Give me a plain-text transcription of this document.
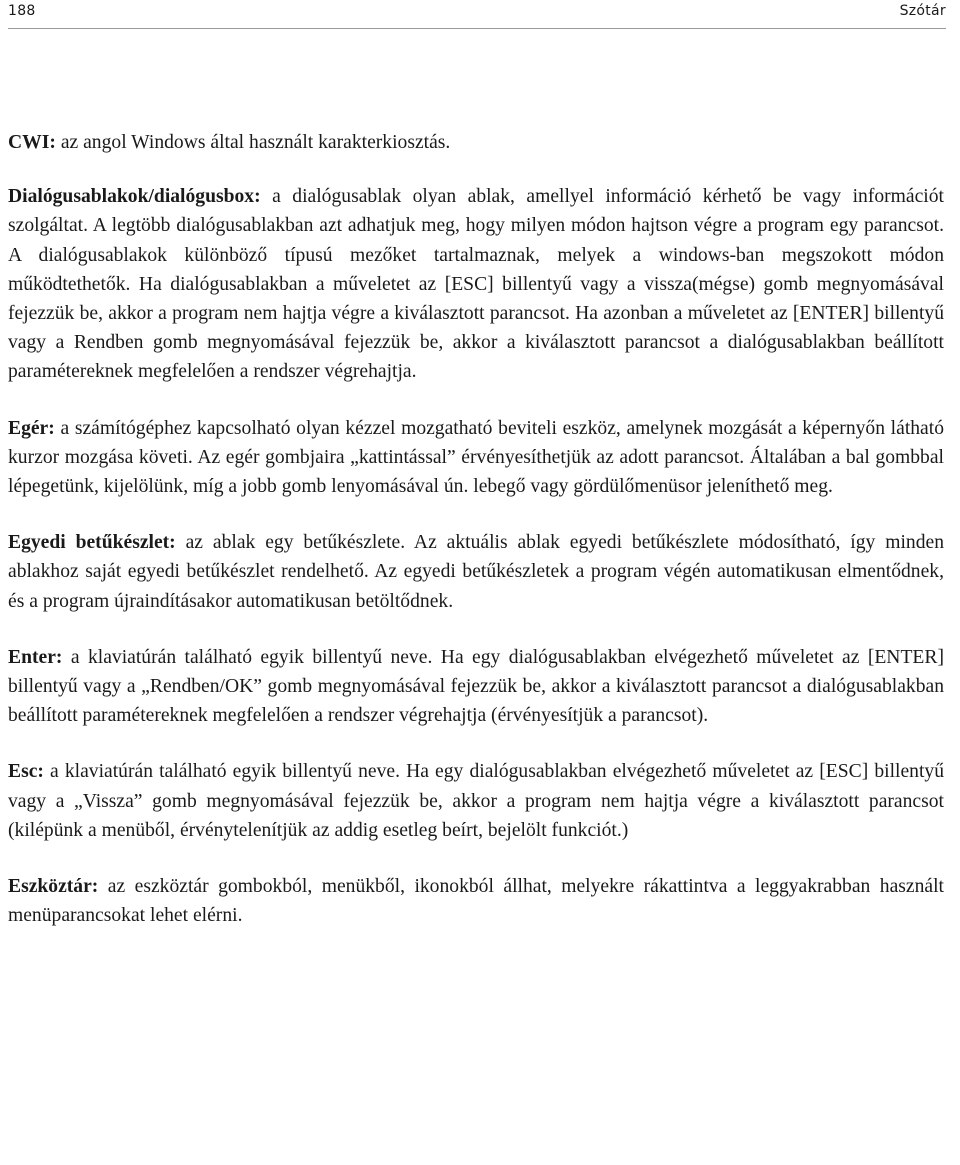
188	Szótár

CWI: az angol Windows által használt karakterkiosztás.

Dialógusablakok/dialógusbox: a dialógusablak olyan ablak, amellyel információ kérhető be vagy információt szolgáltat. A legtöbb dialógusablakban azt adhatjuk meg, hogy milyen módon hajtson végre a program egy parancsot. A dialógusablakok különböző típusú mezőket tartalmaznak, melyek a windows-ban megszokott módon működtethetők. Ha dialógusablakban a műveletet az [ESC] billentyű vagy a vissza(mégse) gomb megnyomásával fejezzük be, akkor a program nem hajtja végre a kiválasztott parancsot. Ha azonban a műveletet az [ENTER] billentyű vagy a Rendben gomb megnyomásával fejezzük be, akkor a kiválasztott parancsot a dialógusablakban beállított paramétereknek megfelelően a rendszer végrehajtja.

Egér: a számítógéphez kapcsolható olyan kézzel mozgatható beviteli eszköz, amelynek mozgását a képernyőn látható kurzor mozgása követi. Az egér gombjaira „kattintással” érvényesíthetjük az adott parancsot. Általában a bal gombbal lépegetünk, kijelölünk, míg a jobb gomb lenyomásával ún. lebegő vagy gördülőmenüsor jeleníthető meg.

Egyedi betűkészlet: az ablak egy betűkészlete. Az aktuális ablak egyedi betűkészlete módosítható, így minden ablakhoz saját egyedi betűkészlet rendelhető. Az egyedi betűkészletek a program végén automatikusan elmentődnek, és a program újraindításakor automatikusan betöltődnek.

Enter: a klaviatúrán található egyik billentyű neve. Ha egy dialógusablakban elvégezhető műveletet az [ENTER] billentyű vagy a „Rendben/OK” gomb megnyomásával fejezzük be, akkor a kiválasztott parancsot a dialógusablakban beállított paramétereknek megfelelően a rendszer végrehajtja (érvényesítjük a parancsot).

Esc: a klaviatúrán található egyik billentyű neve. Ha egy dialógusablakban elvégezhető műveletet az [ESC] billentyű vagy a „Vissza” gomb megnyomásával fejezzük be, akkor a program nem hajtja végre a kiválasztott parancsot (kilépünk a menüből, érvénytelenítjük az addig esetleg beírt, bejelölt funkciót.)

Eszköztár: az eszköztár gombokból, menükből, ikonokból állhat, melyekre rákattintva a leggyakrabban használt menüparancsokat lehet elérni.
